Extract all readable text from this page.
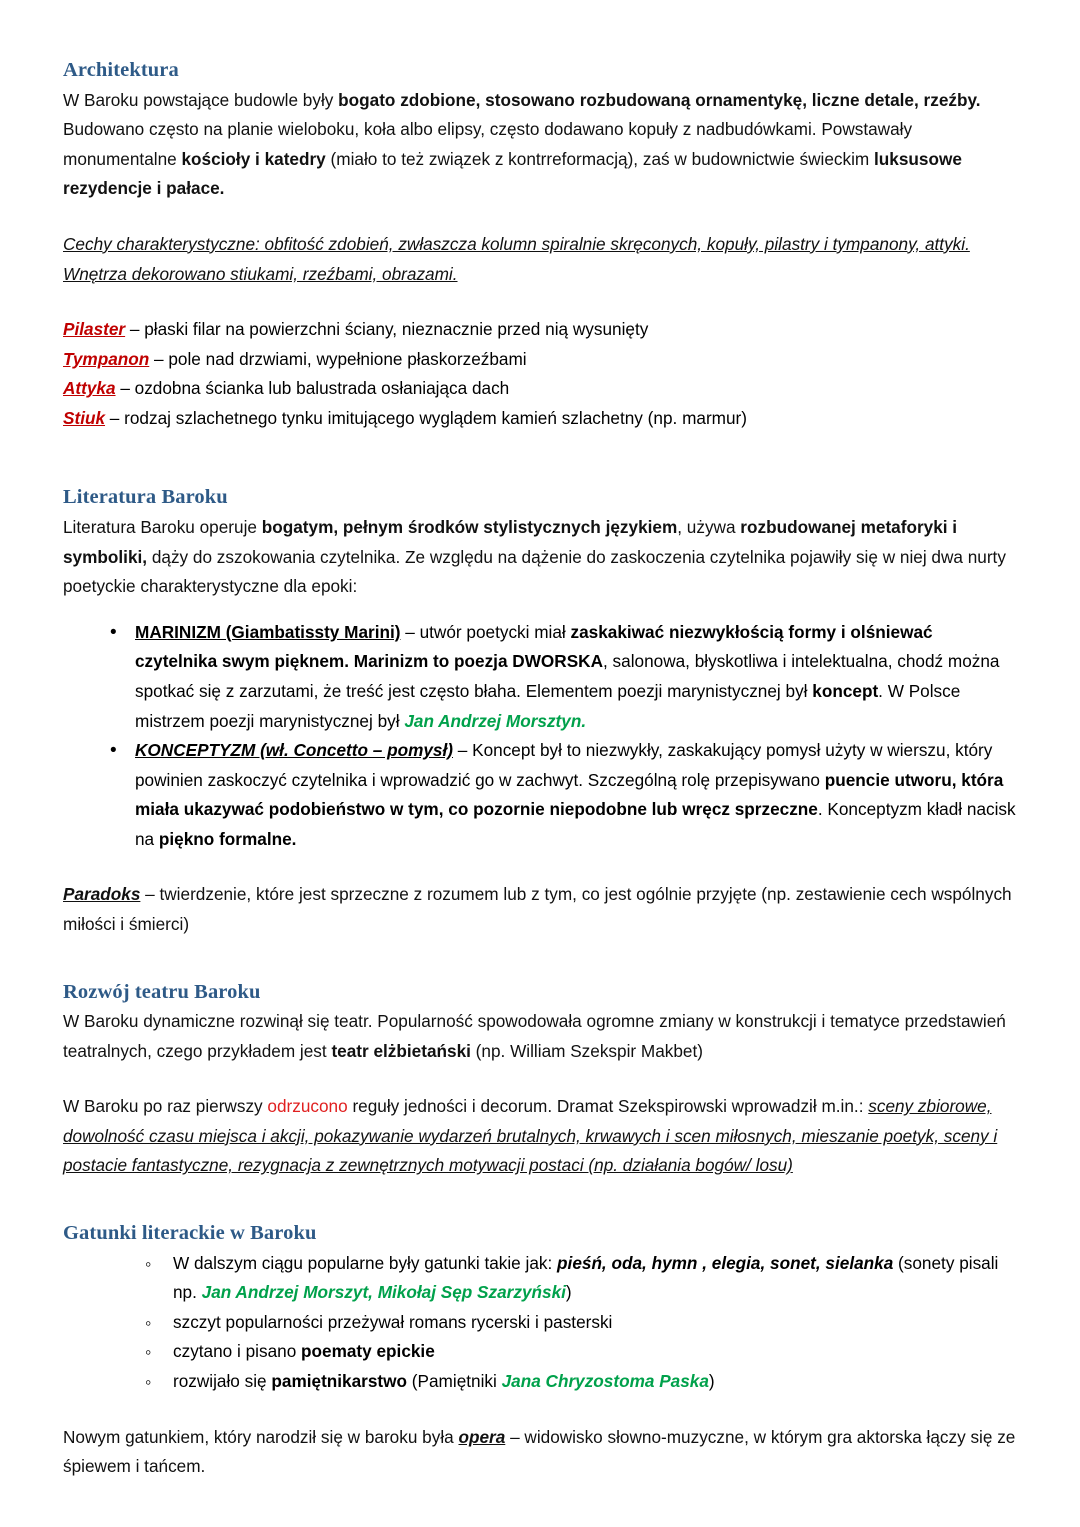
Architektura

W Baroku powstające budowle były bogato zdobione, stosowano rozbudowaną ornamentykę, liczne detale, rzeźby. Budowano często na planie wieloboku, koła albo elipsy, często dodawano kopuły z nadbudówkami. Powstawały monumentalne kościoły i katedry (miało to też związek z kontrreformacją), zaś w budownictwie świeckim luksusowe rezydencje i pałace.

Cechy charakterystyczne: obfitość zdobień, zwłaszcza kolumn spiralnie skręconych, kopuły, pilastry i tympanony, attyki. Wnętrza dekorowano stiukami, rzeźbami, obrazami.

Pilaster – płaski filar na powierzchni ściany, nieznacznie przed nią wysunięty

Tympanon – pole nad drzwiami, wypełnione płaskorzeźbami

Attyka – ozdobna ścianka lub balustrada osłaniająca dach

Stiuk – rodzaj szlachetnego tynku imitującego wyglądem kamień szlachetny (np. marmur)

Literatura Baroku

Literatura Baroku operuje bogatym, pełnym środków stylistycznych językiem, używa rozbudowanej metaforyki i symboliki, dąży do zszokowania czytelnika. Ze względu na dążenie do zaskoczenia czytelnika pojawiły się w niej dwa nurty poetyckie charakterystyczne dla epoki:

• MARINIZM (Giambatissty Marini) – utwór poetycki miał zaskakiwać niezwykłością formy i olśniewać czytelnika swym pięknem. Marinizm to poezja DWORSKA, salonowa, błyskotliwa i intelektualna, chodź można spotkać się z zarzutami, że treść jest często błaha. Elementem poezji marynistycznej był koncept. W Polsce mistrzem poezji marynistycznej był Jan Andrzej Morsztyn.
• KONCEPTYZM (wł. Concetto – pomysł) – Koncept był to niezwykły, zaskakujący pomysł użyty w wierszu, który powinien zaskoczyć czytelnika i wprowadzić go w zachwyt. Szczególną rolę przepisywano puencie utworu, która miała ukazywać podobieństwo w tym, co pozornie niepodobne lub wręcz sprzeczne. Konceptyzm kładł nacisk na piękno formalne.

Paradoks – twierdzenie, które jest sprzeczne z rozumem lub z tym, co jest ogólnie przyjęte (np. zestawienie cech wspólnych miłości i śmierci)

Rozwój teatru Baroku

W Baroku dynamiczne rozwinął się teatr. Popularność spowodowała ogromne zmiany w konstrukcji i tematyce przedstawień teatralnych, czego przykładem jest teatr elżbietański (np. William Szekspir Makbet)

W Baroku po raz pierwszy odrzucono reguły jedności i decorum. Dramat Szekspirowski wprowadził m.in.: sceny zbiorowe, dowolność czasu miejsca i akcji, pokazywanie wydarzeń brutalnych, krwawych i scen miłosnych, mieszanie poetyk, sceny i postacie fantastyczne, rezygnacja z zewnętrznych motywacji postaci (np. działania bogów/ losu)

Gatunki literackie w Baroku
◦ W dalszym ciągu popularne były gatunki takie jak: pieśń, oda, hymn , elegia, sonet, sielanka (sonety pisali np. Jan Andrzej Morszyt, Mikołaj Sęp Szarzyński)
◦ szczyt popularności przeżywał romans rycerski i pasterski
◦ czytano i pisano poematy epickie
◦ rozwijało się pamiętnikarstwo (Pamiętniki Jana Chryzostoma Paska)

Nowym gatunkiem, który narodził się w baroku była opera – widowisko słowno-muzyczne, w którym gra aktorska łączy się ze śpiewem i tańcem.
